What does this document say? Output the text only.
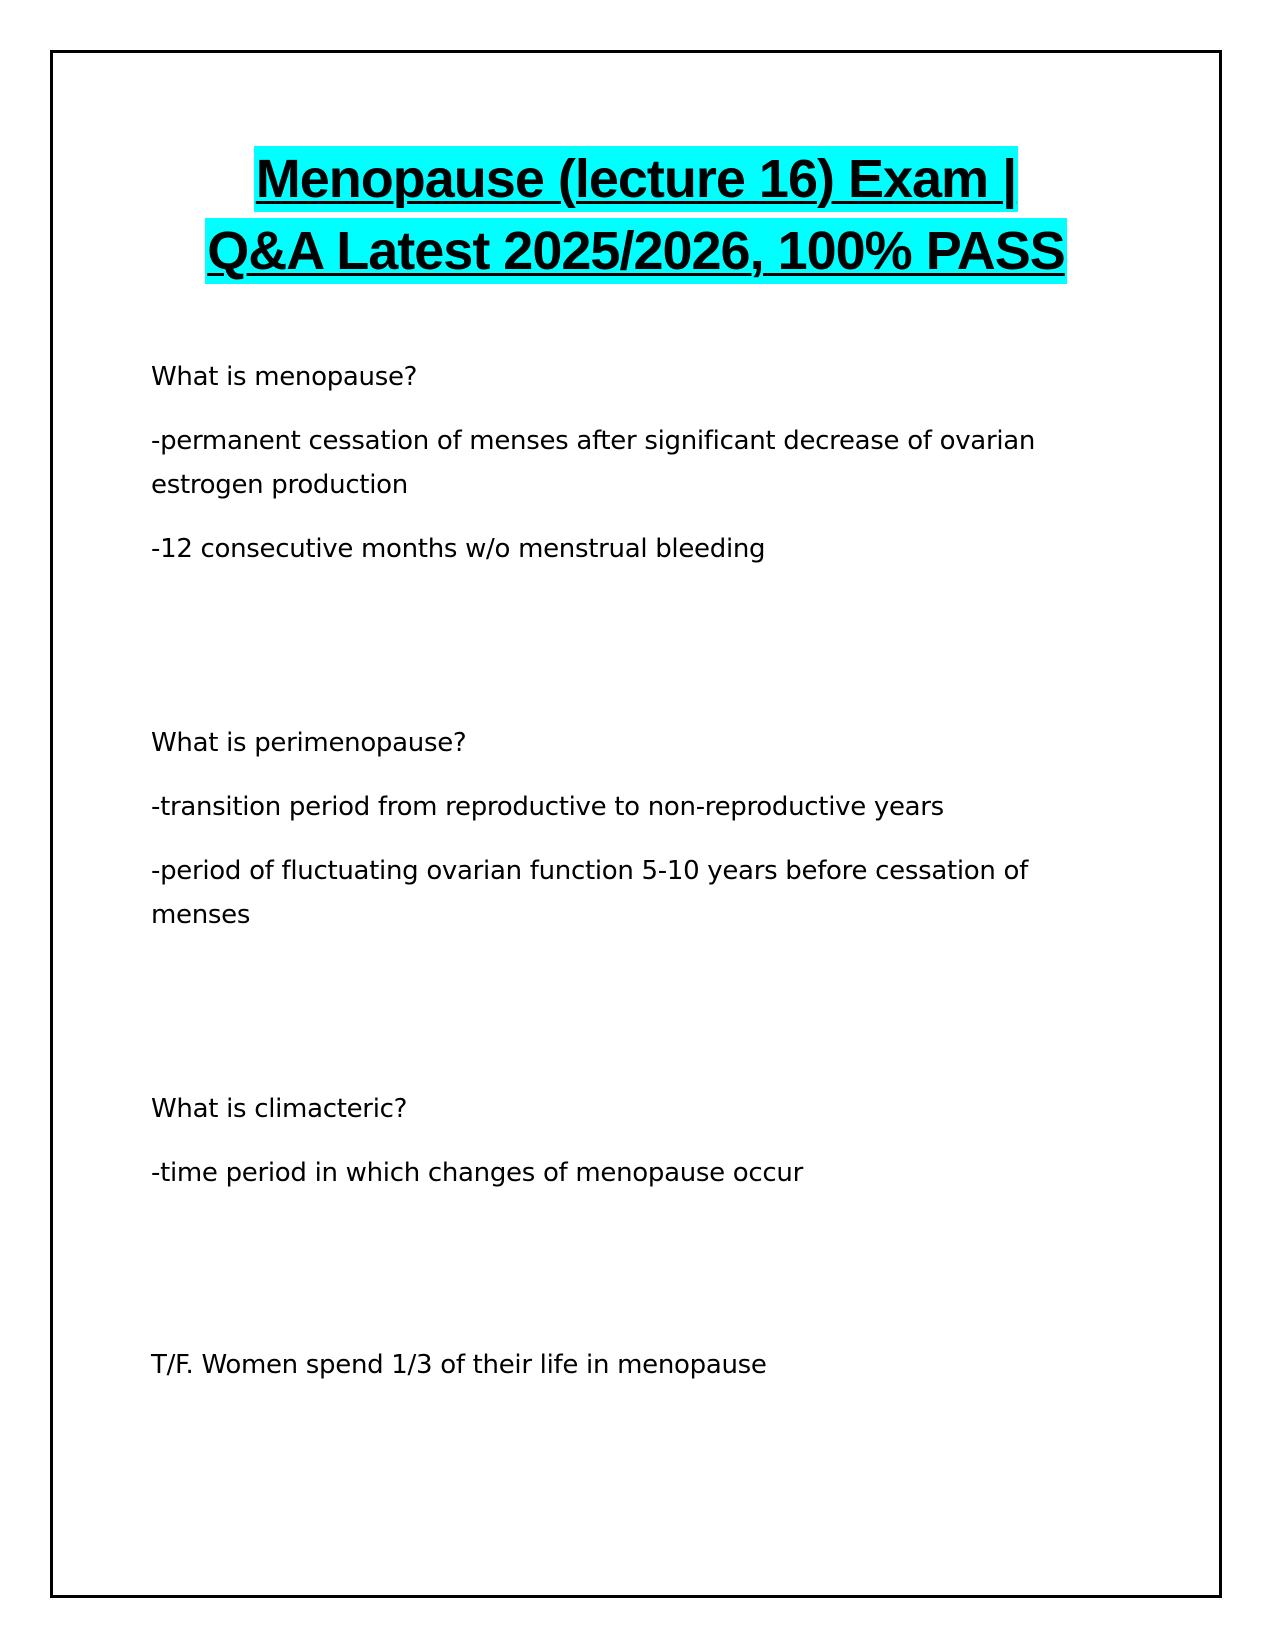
Menopause (lecture 16) Exam |
Q&A Latest 2025/2026, 100% PASS
What is menopause?
-permanent cessation of menses after significant decrease of ovarian
estrogen production
-12 consecutive months w/o menstrual bleeding
What is perimenopause?
-transition period from reproductive to non-reproductive years
-period of fluctuating ovarian function 5-10 years before cessation of
menses
What is climacteric?
-time period in which changes of menopause occur
T/F. Women spend 1/3 of their life in menopause
